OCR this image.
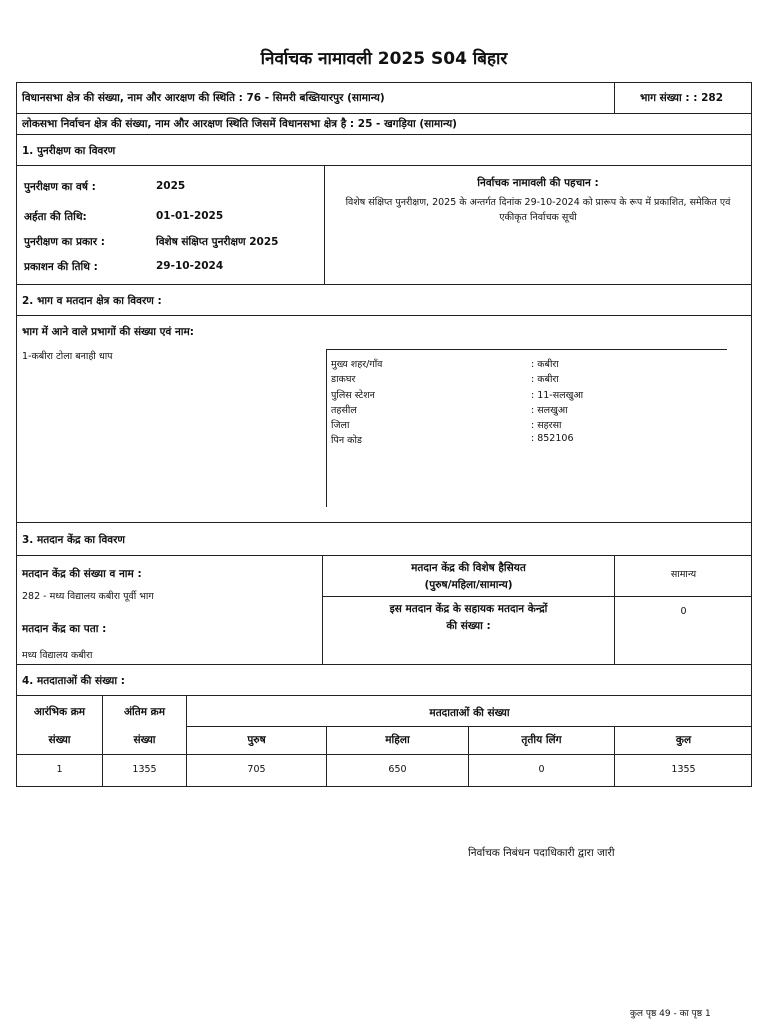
निर्वाचक नामावली 2025 S04 बिहार
विधानसभा क्षेत्र की संख्या, नाम और आरक्षण की स्थिति : 76 - सिमरी बख्तियारपुर (सामान्य)	भाग संख्या : : 282
लोकसभा निर्वाचन क्षेत्र की संख्या, नाम और आरक्षण स्थिति जिसमें विधानसभा क्षेत्र है : 25 - खगड़िया (सामान्य)
1. पुनरीक्षण का विवरण
पुनरीक्षण का वर्ष :	2025
अर्हता की तिथि:	01-01-2025
पुनरीक्षण का प्रकार :	विशेष संक्षिप्त पुनरीक्षण 2025
प्रकाशन की तिथि :	29-10-2024
निर्वाचक नामावली की पहचान :
विशेष संक्षिप्त पुनरीक्षण, 2025 के अन्तर्गत दिनांक 29-10-2024 को प्रारूप के रूप में प्रकाशित, समेकित एवं एकीकृत निर्वाचक सूची
2. भाग व मतदान क्षेत्र का विवरण :
भाग में आने वाले प्रभागों की संख्या एवं नाम:
1-कबीरा टोला बनाही धाप
मुख्य शहर/गाँव	: कबीरा
डाकघर	: कबीरा
पुलिस स्टेशन	: 11-सलखुआ
तहसील	: सलखुआ
जिला	: सहरसा
पिन कोड	: 852106
3. मतदान केंद्र का विवरण
मतदान केंद्र की संख्या व नाम :
282 - मध्य विद्यालय कबीरा पूर्वी भाग
मतदान केंद्र का पता :
मध्य विद्यालय कबीरा
मतदान केंद्र की विशेष हैसियत
(पुरुष/महिला/सामान्य)
सामान्य
इस मतदान केंद्र के सहायक मतदान केन्द्रों
की संख्या :
0
4. मतदाताओं की संख्या :
आरंभिक क्रम
संख्या
अंतिम क्रम
संख्या
मतदाताओं की संख्या
पुरुष	महिला	तृतीय लिंग	कुल
1	1355	705	650	0	1355
निर्वाचक निबंधन पदाधिकारी द्वारा जारी
कुल पृष्ठ 49 - का पृष्ठ 1
